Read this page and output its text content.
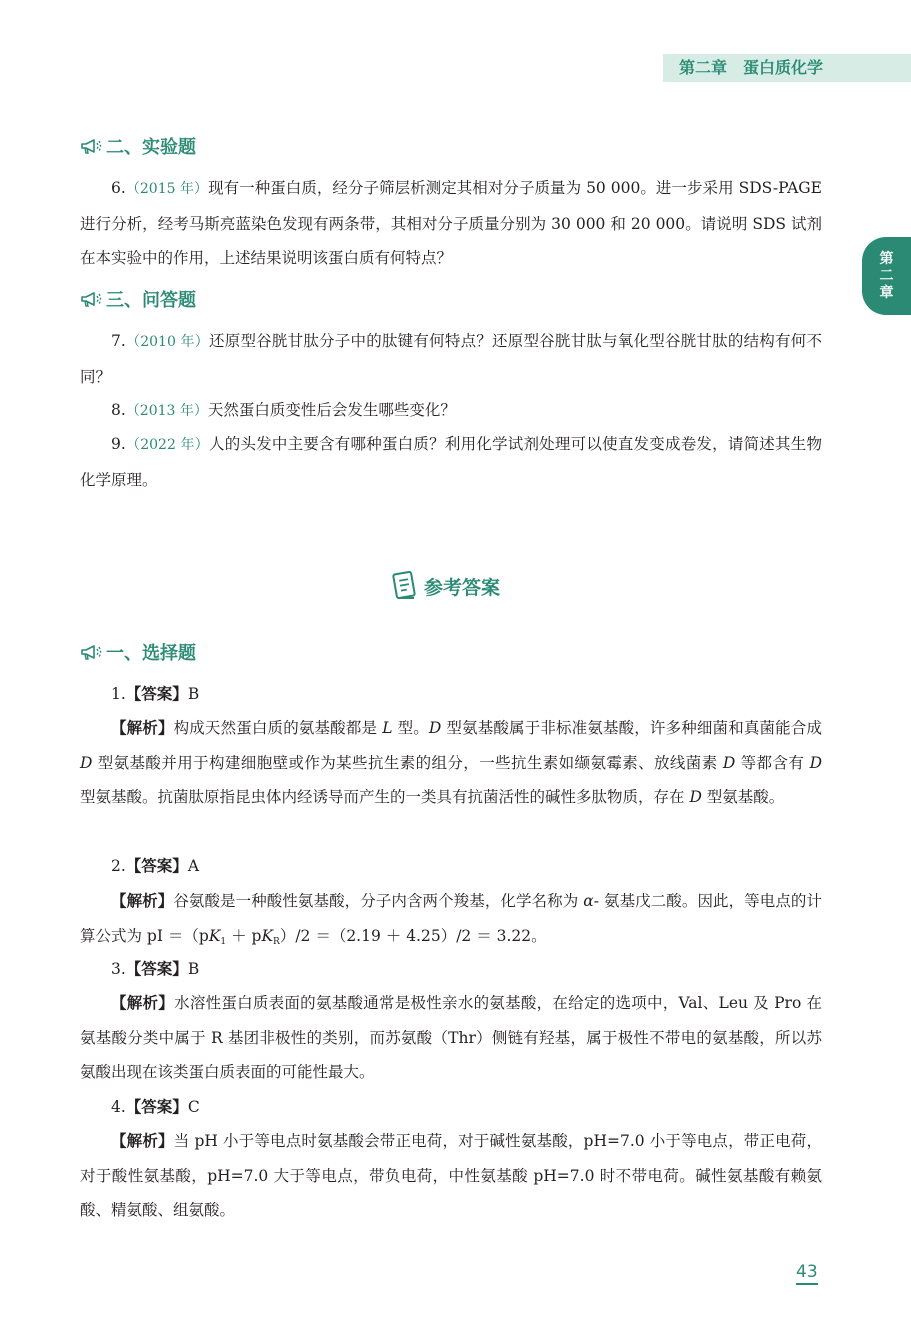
第二章 蛋白质化学
第二章
二、实验题

6.（2015 年）现有一种蛋白质，经分子筛层析测定其相对分子质量为 50 000。进一步采用 SDS-PAGE 进行分析，经考马斯亮蓝染色发现有两条带，其相对分子质量分别为 30 000 和 20 000。请说明 SDS 试剂在本实验中的作用，上述结果说明该蛋白质有何特点？

三、问答题

7.（2010 年）还原型谷胱甘肽分子中的肽键有何特点？还原型谷胱甘肽与氧化型谷胱甘肽的结构有何不同？

8.（2013 年）天然蛋白质变性后会发生哪些变化？

9.（2022 年）人的头发中主要含有哪种蛋白质？利用化学试剂处理可以使直发变成卷发，请简述其生物化学原理。

参考答案
一、选择题

1.【答案】B

【解析】构成天然蛋白质的氨基酸都是 L 型。D 型氨基酸属于非标准氨基酸，许多种细菌和真菌能合成 D 型氨基酸并用于构建细胞壁或作为某些抗生素的组分，一些抗生素如缬氨霉素、放线菌素 D 等都含有 D 型氨基酸。抗菌肽原指昆虫体内经诱导而产生的一类具有抗菌活性的碱性多肽物质，存在 D 型氨基酸。

2.【答案】A

【解析】谷氨酸是一种酸性氨基酸，分子内含两个羧基，化学名称为 α- 氨基戊二酸。因此，等电点的计算公式为 pI $=(pK_1 + pK_R)/2 =(2.19 + 4.25)/2 = 3.22$。

3.【答案】B

【解析】水溶性蛋白质表面的氨基酸通常是极性亲水的氨基酸，在给定的选项中，Val、Leu 及 Pro 在氨基酸分类中属于 R 基团非极性的类别，而苏氨酸（Thr）侧链有羟基，属于极性不带电的氨基酸，所以苏氨酸出现在该类蛋白质表面的可能性最大。

4.【答案】C

【解析】当 pH 小于等电点时氨基酸会带正电荷，对于碱性氨基酸，pH=7.0 小于等电点，带正电荷，对于酸性氨基酸，pH=7.0 大于等电点，带负电荷，中性氨基酸 pH=7.0 时不带电荷。碱性氨基酸有赖氨酸、精氨酸、组氨酸。

43
